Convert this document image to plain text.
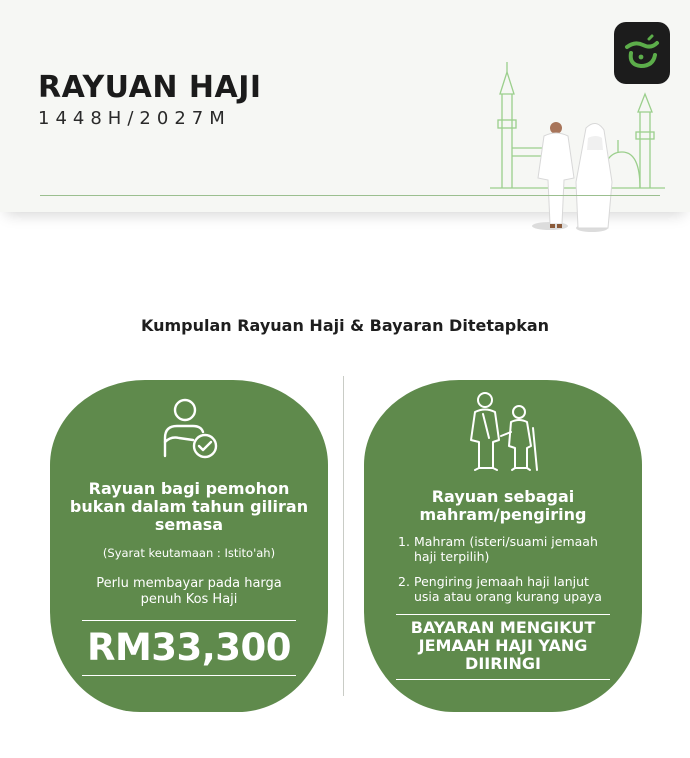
RAYUAN HAJI

1448H/2027M

Kumpulan Rayuan Haji & Bayaran Ditetapkan
Rayuan bagi pemohon bukan dalam tahun giliran semasa
(Syarat keutamaan : Istito'ah)
Perlu membayar pada harga penuh Kos Haji
RM33,300
Rayuan sebagai mahram/pengiring
1. Mahram (isteri/suami jemaah haji terpilih)
2. Pengiring jemaah haji lanjut usia atau orang kurang upaya
BAYARAN MENGIKUT JEMAAH HAJI YANG DIIRINGI
